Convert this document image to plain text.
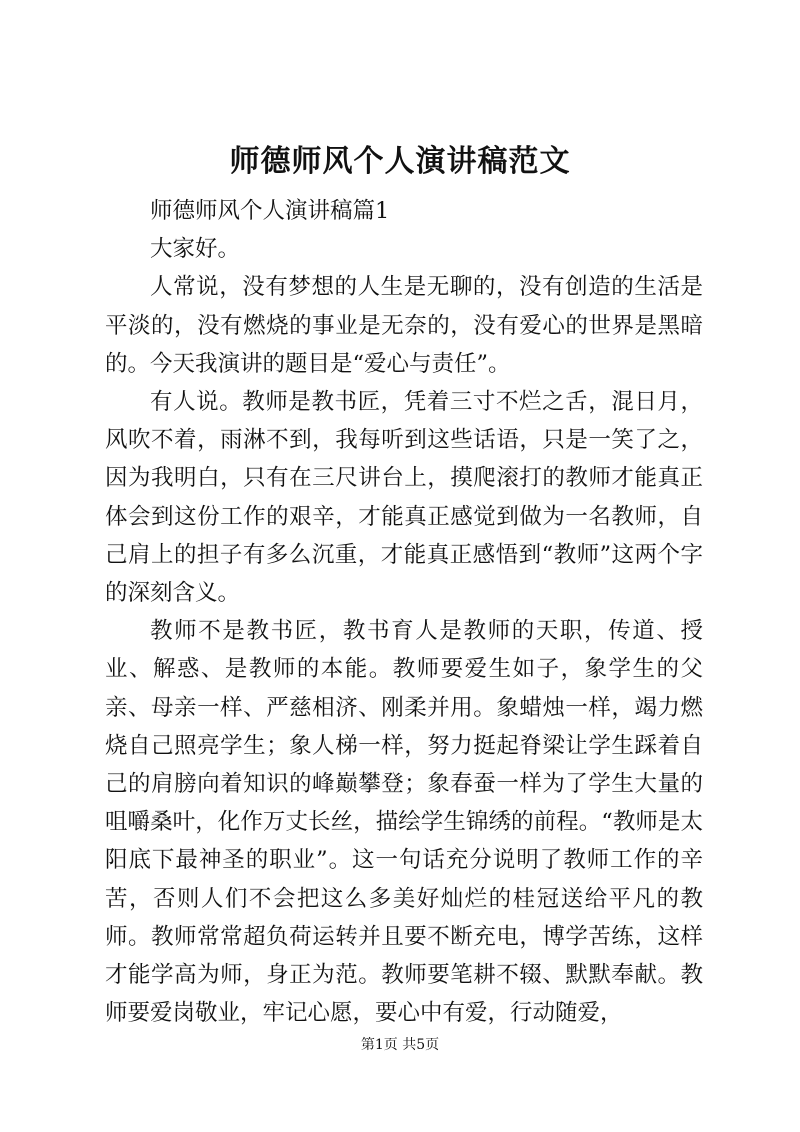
师德师风个人演讲稿范文

师德师风个人演讲稿篇1

大家好。

人常说，没有梦想的人生是无聊的，没有创造的生活是平淡的，没有燃烧的事业是无奈的，没有爱心的世界是黑暗的。今天我演讲的题目是“爱心与责任”。

有人说。教师是教书匠，凭着三寸不烂之舌，混日月，风吹不着，雨淋不到，我每听到这些话语，只是一笑了之，因为我明白，只有在三尺讲台上，摸爬滚打的教师才能真正体会到这份工作的艰辛，才能真正感觉到做为一名教师，自己肩上的担子有多么沉重，才能真正感悟到“教师”这两个字的深刻含义。

教师不是教书匠，教书育人是教师的天职，传道、授业、解惑、是教师的本能。教师要爱生如子，象学生的父亲、母亲一样、严慈相济、刚柔并用。象蜡烛一样，竭力燃烧自己照亮学生；象人梯一样，努力挺起脊梁让学生踩着自己的肩膀向着知识的峰巅攀登；象春蚕一样为了学生大量的咀嚼桑叶，化作万丈长丝，描绘学生锦绣的前程。“教师是太阳底下最神圣的职业”。这一句话充分说明了教师工作的辛苦，否则人们不会把这么多美好灿烂的桂冠送给平凡的教师。教师常常超负荷运转并且要不断充电，博学苦练，这样才能学高为师，身正为范。教师要笔耕不辍、默默奉献。教师要爱岗敬业，牢记心愿，要心中有爱，行动随爱，

第1页 共5页
